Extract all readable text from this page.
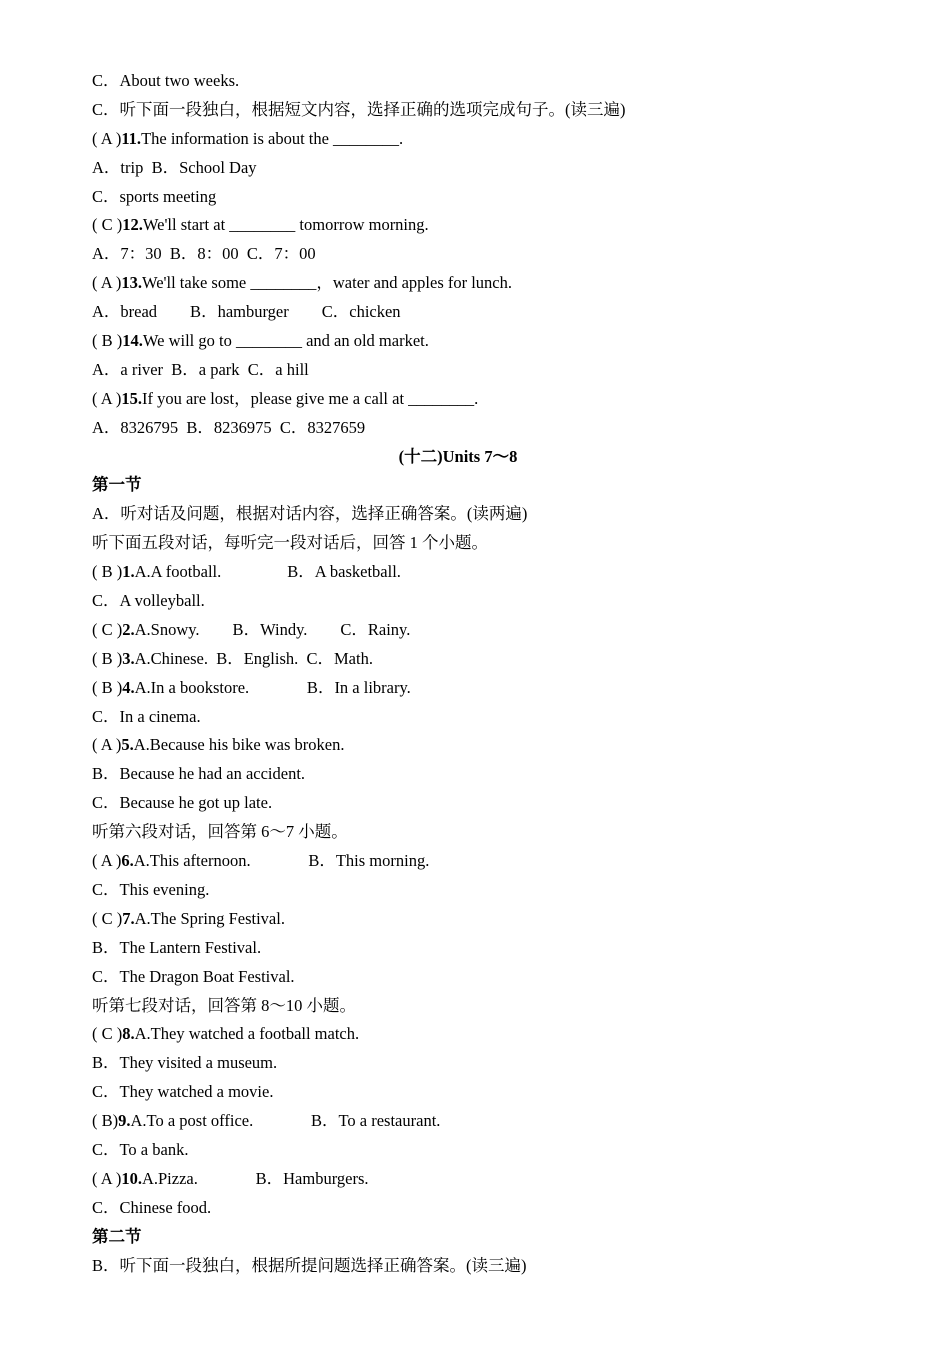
C．About two weeks.
C．听下面一段独白，根据短文内容，选择正确的选项完成句子。(读三遍)
( A )11.The information is about the ________.
A．trip  B．School Day
C．sports meeting
( C )12.We'll start at ________ tomorrow morning.
A．7：30  B．8：00  C．7：00
( A )13.We'll take some ________，water and apples for lunch.
A．bread        B．hamburger        C．chicken
( B )14.We will go to ________ and an old market.
A．a river  B．a park  C．a hill
( A )15.If you are lost，please give me a call at ________.
A．8326795  B．8236975  C．8327659
(十二)Units 7～8
第一节
A．听对话及问题，根据对话内容，选择正确答案。(读两遍)
听下面五段对话，每听完一段对话后，回答 1 个小题。
( B )1.A.A football.                B．A basketball.
C．A volleyball.
( C )2.A.Snowy.        B．Windy.        C．Rainy.
( B )3.A.Chinese.  B．English.  C．Math.
( B )4.A.In a bookstore.              B．In a library.
C．In a cinema.
( A )5.A.Because his bike was broken.
B．Because he had an accident.
C．Because he got up late.
听第六段对话，回答第 6～7 小题。
( A )6.A.This afternoon.              B．This morning.
C．This evening.
( C )7.A.The Spring Festival.
B．The Lantern Festival.
C．The Dragon Boat Festival.
听第七段对话，回答第 8～10 小题。
( C )8.A.They watched a football match.
B．They visited a museum.
C．They watched a movie.
( B)9.A.To a post office.              B．To a restaurant.
C．To a bank.
( A )10.A.Pizza.              B．Hamburgers.
C．Chinese food.
第二节
B．听下面一段独白，根据所提问题选择正确答案。(读三遍)
